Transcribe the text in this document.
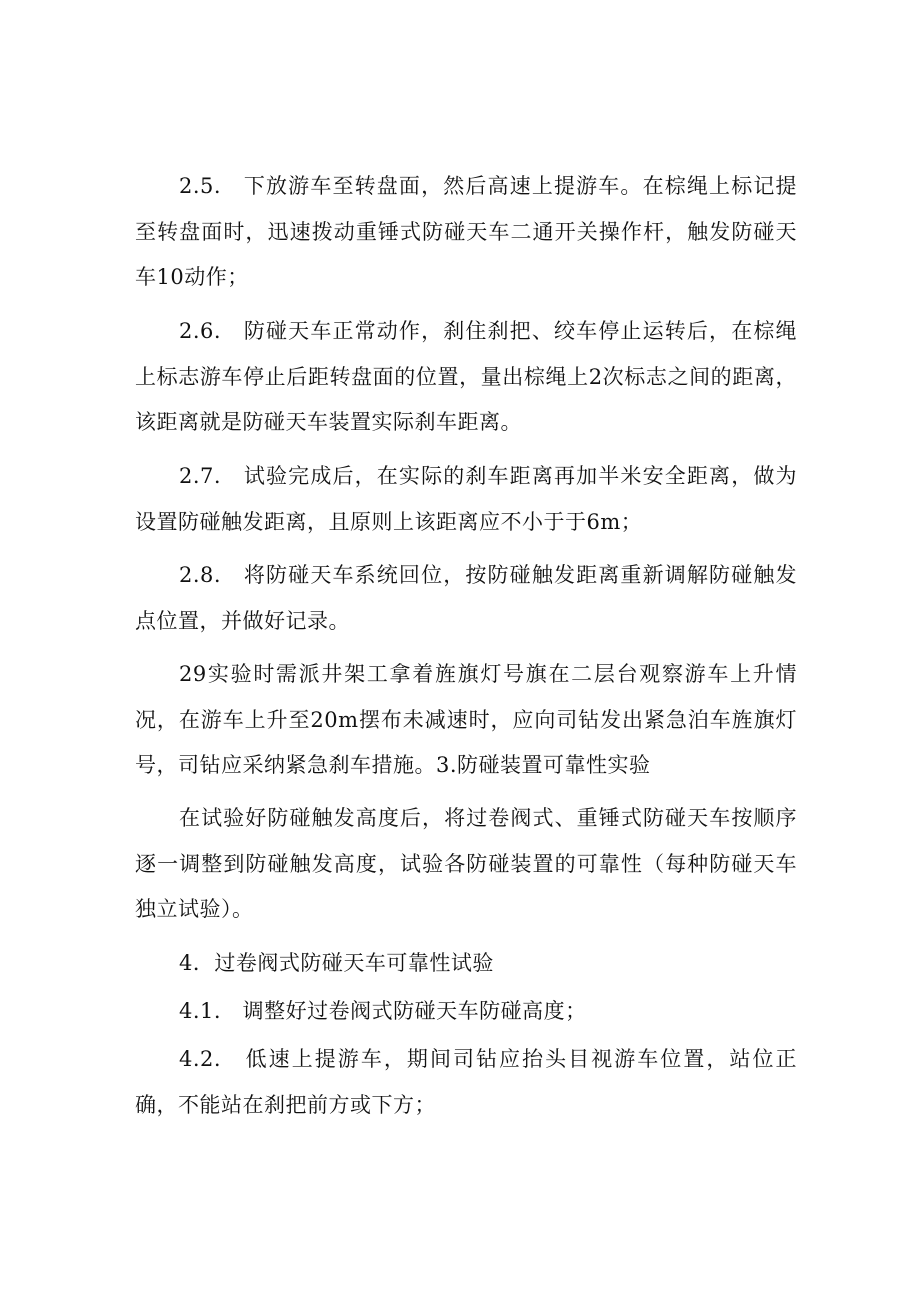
2.5.　下放游车至转盘面，然后高速上提游车。在棕绳上标记提至转盘面时，迅速拨动重锤式防碰天车二通开关操作杆，触发防碰天车10动作；

2.6.　防碰天车正常动作，刹住刹把、绞车停止运转后，在棕绳上标志游车停止后距转盘面的位置，量出棕绳上2次标志之间的距离，该距离就是防碰天车装置实际刹车距离。

2.7.　试验完成后，在实际的刹车距离再加半米安全距离，做为设置防碰触发距离，且原则上该距离应不小于于6m；

2.8.　将防碰天车系统回位，按防碰触发距离重新调解防碰触发点位置，并做好记录。

29实验时需派井架工拿着旌旗灯号旗在二层台观察游车上升情况，在游车上升至20m摆布未减速时，应向司钻发出紧急泊车旌旗灯号，司钻应采纳紧急刹车措施。3.防碰装置可靠性实验

在试验好防碰触发高度后，将过卷阀式、重锤式防碰天车按顺序逐一调整到防碰触发高度，试验各防碰装置的可靠性（每种防碰天车独立试验）。

4．过卷阀式防碰天车可靠性试验

4.1.　调整好过卷阀式防碰天车防碰高度；

4.2.　低速上提游车，期间司钻应抬头目视游车位置，站位正确，不能站在刹把前方或下方；
